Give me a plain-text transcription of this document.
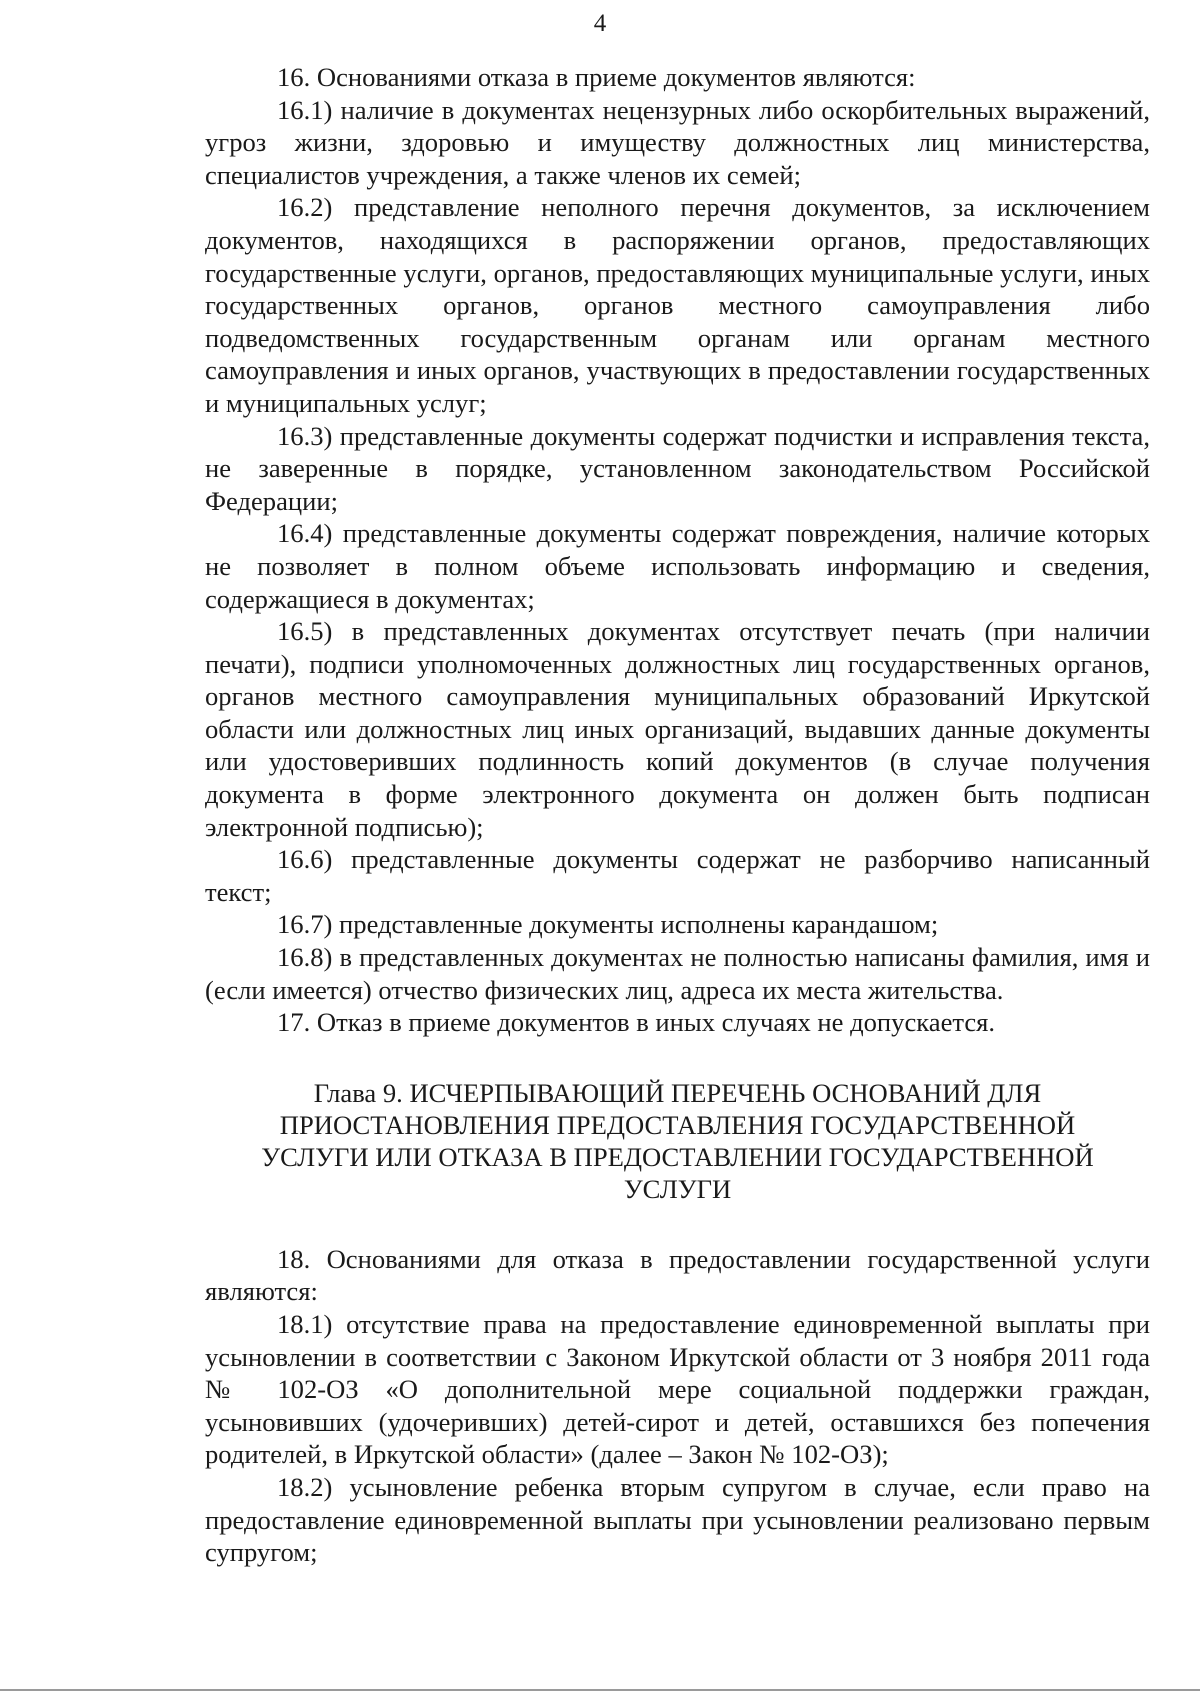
4

16. Основаниями отказа в приеме документов являются:

16.1) наличие в документах нецензурных либо оскорбительных выражений, угроз жизни, здоровью и имуществу должностных лиц министерства, специалистов учреждения, а также членов их семей;

16.2) представление неполного перечня документов, за исключением документов, находящихся в распоряжении органов, предоставляющих государственные услуги, органов, предоставляющих муниципальные услуги, иных государственных органов, органов местного самоуправления либо подведомственных государственным органам или органам местного самоуправления и иных органов, участвующих в предоставлении государственных и муниципальных услуг;

16.3) представленные документы содержат подчистки и исправления текста, не заверенные в порядке, установленном законодательством Российской Федерации;

16.4) представленные документы содержат повреждения, наличие которых не позволяет в полном объеме использовать информацию и сведения, содержащиеся в документах;

16.5) в представленных документах отсутствует печать (при наличии печати), подписи уполномоченных должностных лиц государственных органов, органов местного самоуправления муниципальных образований Иркутской области или должностных лиц иных организаций, выдавших данные документы или удостоверивших подлинность копий документов (в случае получения документа в форме электронного документа он должен быть подписан электронной подписью);

16.6) представленные документы содержат не разборчиво написанный текст;

16.7) представленные документы исполнены карандашом;

16.8) в представленных документах не полностью написаны фамилия, имя и (если имеется) отчество физических лиц, адреса их места жительства.

17. Отказ в приеме документов в иных случаях не допускается.

Глава 9. ИСЧЕРПЫВАЮЩИЙ ПЕРЕЧЕНЬ ОСНОВАНИЙ ДЛЯ
ПРИОСТАНОВЛЕНИЯ ПРЕДОСТАВЛЕНИЯ ГОСУДАРСТВЕННОЙ
УСЛУГИ ИЛИ ОТКАЗА В ПРЕДОСТАВЛЕНИИ ГОСУДАРСТВЕННОЙ
УСЛУГИ

18. Основаниями для отказа в предоставлении государственной услуги являются:

18.1) отсутствие права на предоставление единовременной выплаты при усыновлении в соответствии с Законом Иркутской области от 3 ноября 2011 года № 102-ОЗ «О дополнительной мере социальной поддержки граждан, усыновивших (удочеривших) детей-сирот и детей, оставшихся без попечения родителей, в Иркутской области» (далее – Закон № 102-ОЗ);

18.2) усыновление ребенка вторым супругом в случае, если право на предоставление единовременной выплаты при усыновлении реализовано первым супругом;
